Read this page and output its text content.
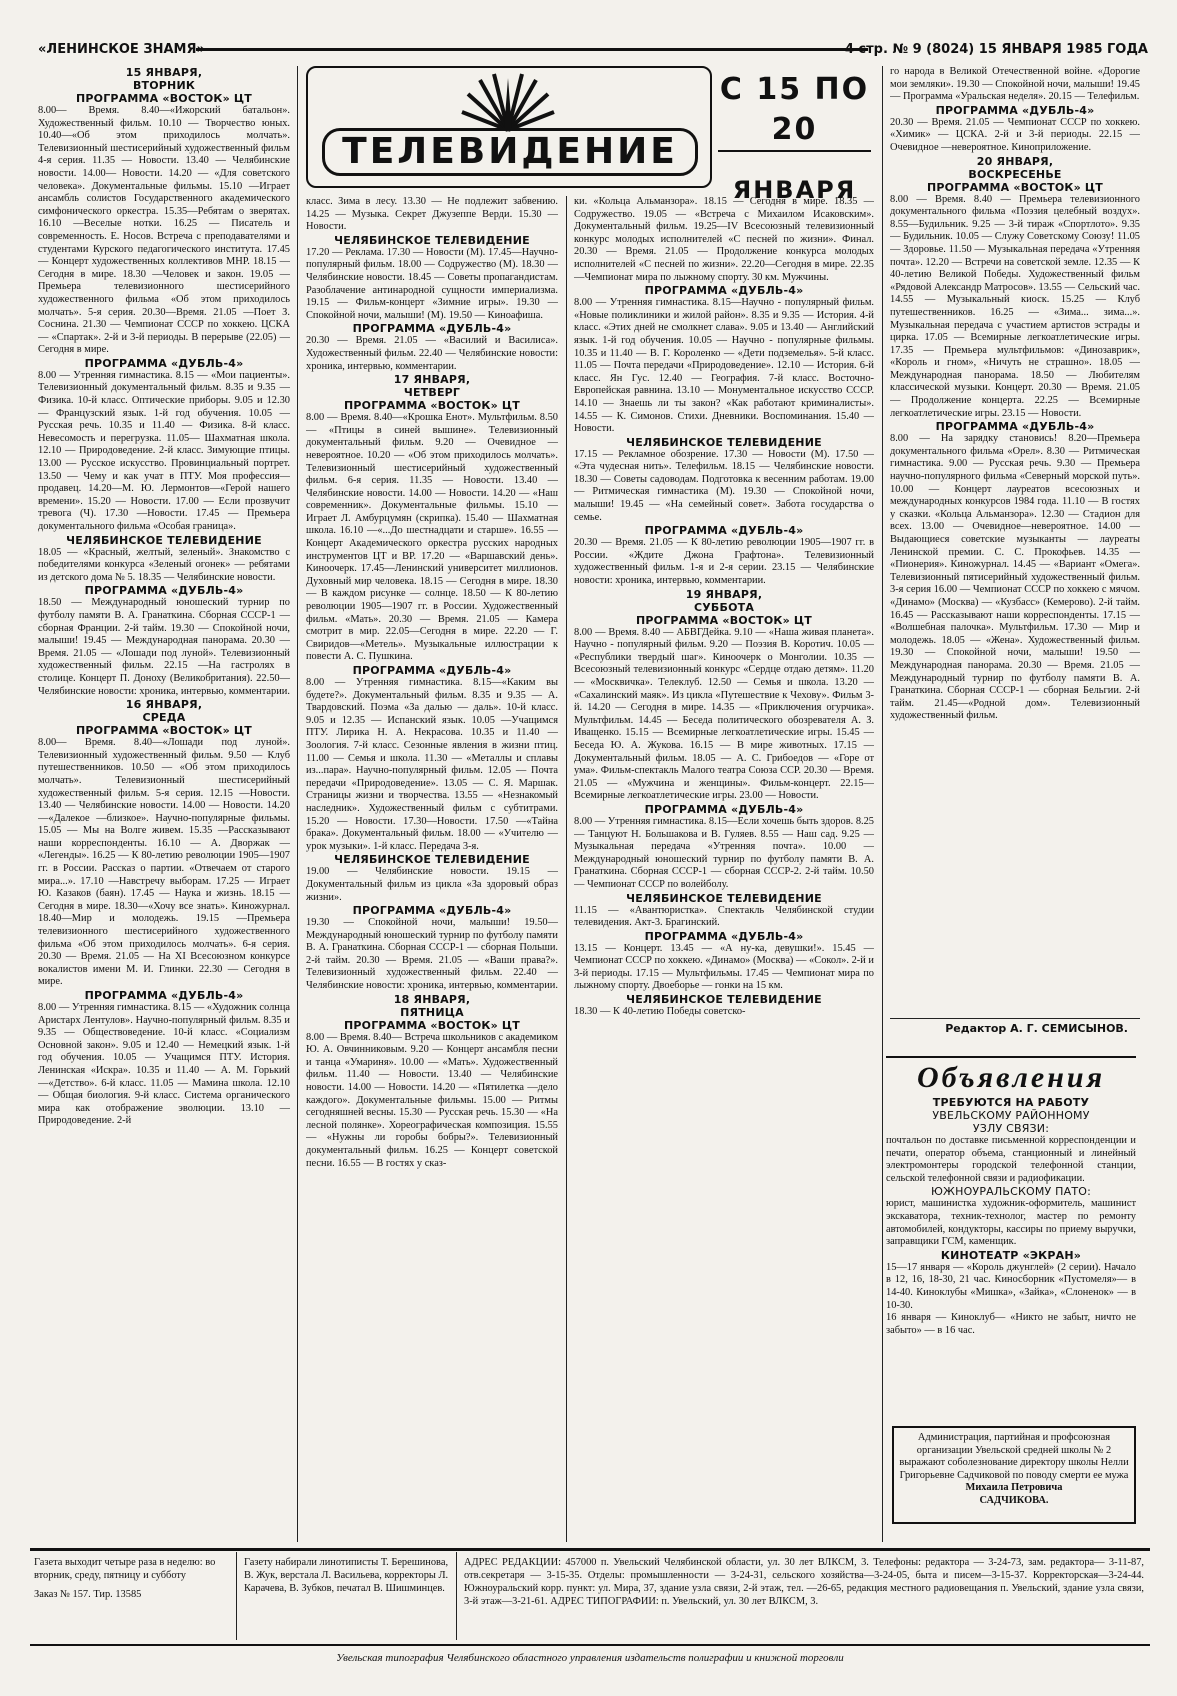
«ЛЕНИНСКОЕ ЗНАМЯ»	4 стр. № 9 (8024) 15 ЯНВАРЯ 1985 ГОДА
ТЕЛЕВИДЕНИЕ
С 15 ПО 20
ЯНВАРЯ

15 ЯНВАРЯ,

ВТОРНИК

ПРОГРАММА «ВОСТОК» ЦТ

8.00— Время. 8.40—«Ижорский батальон». Художественный фильм. 10.10 — Творчество юных. 10.40—«Об этом приходилось молчать». Телевизионный шестисерийный художественный фильм 4-я серия. 11.35 — Новости. 13.40 — Челябинские новости. 14.00— Новости. 14.20 — «Для советского человека». Документальные фильмы. 15.10 —Играет ансамбль солистов Государственного академического симфонического оркестра. 15.35—Ребятам о зверятах. 16.10 —Веселые нотки. 16.25 — Писатель и современность. Е. Носов. Встреча с преподавателями и студентами Курского педагогического института. 17.45 — Концерт художественных коллективов МНР. 18.15 — Сегодня в мире. 18.30 —Человек и закон. 19.05 — Премьера телевизионного шестисерийного художественного фильма «Об этом приходилось молчать». 5-я серия. 20.30—Время. 21.05 —Поет З. Соснина. 21.30 — Чемпионат СССР по хоккею. ЦСКА — «Спартак». 2-й и 3-й периоды. В перерыве (22.05) — Сегодня в мире.

ПРОГРАММА «ДУБЛЬ-4»

8.00 — Утренняя гимнастика. 8.15 — «Мои пациенты». Телевизионный документальный фильм. 8.35 и 9.35 —Физика. 10-й класс. Оптические приборы. 9.05 и 12.30 — Французский язык. 1-й год обучения. 10.05 — Русская речь. 10.35 и 11.40 — Физика. 8-й класс. Невесомость и перегрузка. 11.05— Шахматная школа. 12.10 — Природоведение. 2-й класс. Зимующие птицы. 13.00 — Русское искусство. Провинциальный портрет. 13.50 — Чему и как учат в ПТУ. Моя профессия—продавец. 14.20—М. Ю. Лермонтов—«Герой нашего времени». 15.20 — Новости. 17.00 — Если прозвучит тревога (Ч). 17.30 —Новости. 17.45 — Премьера документального фильма «Особая граница».

ЧЕЛЯБИНСКОЕ ТЕЛЕВИДЕНИЕ

18.05 — «Красный, желтый, зеленый». Знакомство с победителями конкурса «Зеленый огонек» — ребятами из детского дома № 5. 18.35 — Челябинские новости.

ПРОГРАММА «ДУБЛЬ-4»

18.50 — Международный юношеский турнир по футболу памяти В. А. Гранаткина. Сборная СССР-1 — сборная Франции. 2-й тайм. 19.30 — Спокойной ночи, малыши! 19.45 — Международная панорама. 20.30 — Время. 21.05 — «Лошади под луной». Телевизионный художественный фильм. 22.15 —На гастролях в столице. Концерт П. Доноху (Великобритания). 22.50— Челябинские новости: хроника, интервью, комментарии.

16 ЯНВАРЯ,

СРЕДА

ПРОГРАММА «ВОСТОК» ЦТ

8.00— Время. 8.40—«Лошади под луной». Телевизионный художественный фильм. 9.50 — Клуб путешественников. 10.50 — «Об этом приходилось молчать». Телевизионный шестисерийный художественный фильм. 5-я серия. 12.15 —Новости. 13.40 — Челябинские новости. 14.00 — Новости. 14.20—«Далекое —близкое». Научно-популярные фильмы. 15.05 — Мы на Волге живем. 15.35 —Рассказывают наши корреспонденты. 16.10 — А. Дворжак — «Легенды». 16.25 — К 80-летию революции 1905—1907 гг. в России. Рассказ о партии. «Отвечаем от старого мира...». 17.10 —Навстречу выборам. 17.25 — Играет Ю. Казаков (баян). 17.45 — Наука и жизнь. 18.15 — Сегодня в мире. 18.30—«Хочу все знать». Киножурнал. 18.40—Мир и молодежь. 19.15 —Премьера телевизионного шестисерийного художественного фильма «Об этом приходилось молчать». 6-я серия. 20.30 — Время. 21.05 — На XI Всесоюзном конкурсе вокалистов имени М. И. Глинки. 22.30 — Сегодня в мире.

ПРОГРАММА «ДУБЛЬ-4»

8.00 — Утренняя гимнастика. 8.15 — «Художник солнца Аристарх Лентулов». Научно-популярный фильм. 8.35 и 9.35 — Обществоведение. 10-й класс. «Социализм Основной закон». 9.05 и 12.40 — Немецкий язык. 1-й год обучения. 10.05 — Учащимся ПТУ. История. Ленинская «Искра». 10.35 и 11.40 — А. М. Горький —«Детство». 6-й класс. 11.05 — Мамина школа. 12.10 — Общая биология. 9-й класс. Система органического мира как отображение эволюции. 13.10 — Природоведение. 2-й

класс. Зима в лесу. 13.30 — Не подлежит забвению. 14.25 — Музыка. Секрет Джузеппе Верди. 15.30 — Новости.

ЧЕЛЯБИНСКОЕ ТЕЛЕВИДЕНИЕ

17.20 — Реклама. 17.30 — Новости (М). 17.45—Научно-популярный фильм. 18.00 — Содружество (М). 18.30 — Челябинские новости. 18.45 — Советы пропагандистам. Разоблачение антинародной сущности империализма. 19.15 — Фильм-концерт «Зимние игры». 19.30 — Спокойной ночи, малыши! (М). 19.50 — Киноафиша.

ПРОГРАММА «ДУБЛЬ-4»

20.30 — Время. 21.05 — «Василий и Василиса». Художественный фильм. 22.40 — Челябинские новости: хроника, интервью, комментарии.

17 ЯНВАРЯ,

ЧЕТВЕРГ

ПРОГРАММА «ВОСТОК» ЦТ

8.00 — Время. 8.40—«Крошка Енот». Мультфильм. 8.50 — «Птицы в синей вышине». Телевизионный документальный фильм. 9.20 — Очевидное — невероятное. 10.20 — «Об этом приходилось молчать». Телевизионный шестисерийный художественный фильм. 6-я серия. 11.35 — Новости. 13.40 — Челябинские новости. 14.00 — Новости. 14.20 — «Наш современник». Документальные фильмы. 15.10 — Играет Л. Амбурцумян (скрипка). 15.40 — Шахматная школа. 16.10 —«...До шестнадцати и старше». 16.55 — Концерт Академического оркестра русских народных инструментов ЦТ и ВР. 17.20 — «Варшавский день». Киноочерк. 17.45—Ленинский университет миллионов. Духовный мир человека. 18.15 — Сегодня в мире. 18.30 — В каждом рисунке — солнце. 18.50 — К 80-летию революции 1905—1907 гг. в России. Художественный фильм. «Мать». 20.30 — Время. 21.05 — Камера смотрит в мир. 22.05—Сегодня в мире. 22.20 — Г. Свиридов—«Метель». Музыкальные иллюстрации к повести А. С. Пушкина.

ПРОГРАММА «ДУБЛЬ-4»

8.00 — Утренняя гимнастика. 8.15—«Каким вы будете?». Документальный фильм. 8.35 и 9.35 — А. Твардовский. Поэма «За далью — даль». 10-й класс. 9.05 и 12.35 — Испанский язык. 10.05 —Учащимся ПТУ. Лирика Н. А. Некрасова. 10.35 и 11.40 — Зоология. 7-й класс. Сезонные явления в жизни птиц. 11.00 — Семья и школа. 11.30 — «Металлы и сплавы из...пара». Научно-популярный фильм. 12.05 — Почта передачи «Природоведение». 13.05 — С. Я. Маршак. Страницы жизни и творчества. 13.55 — «Незнакомый наследник». Художественный фильм с субтитрами. 15.20 — Новости. 17.30—Новости. 17.50 —«Тайна брака». Документальный фильм. 18.00 — «Учителю — урок музыки». 1-й класс. Передача 3-я.

ЧЕЛЯБИНСКОЕ ТЕЛЕВИДЕНИЕ

19.00 — Челябинские новости. 19.15 — Документальный фильм из цикла «За здоровый образ жизни».

ПРОГРАММА «ДУБЛЬ-4»

19.30 — Спокойной ночи, малыши! 19.50— Международный юношеский турнир по футболу памяти В. А. Гранаткина. Сборная СССР-1 — сборная Польши. 2-й тайм. 20.30 — Время. 21.05 — «Ваши права?». Телевизионный художественный фильм. 22.40 — Челябинские новости: хроника, интервью, комментарии.

18 ЯНВАРЯ,

ПЯТНИЦА

ПРОГРАММА «ВОСТОК» ЦТ

8.00 — Время. 8.40— Встреча школьников с академиком Ю. А. Овчинниковым. 9.20 — Концерт ансамбля песни и танца «Умариня». 10.00 — «Мать». Художественный фильм. 11.40 — Новости. 13.40 — Челябинские новости. 14.00 — Новости. 14.20 — «Пятилетка —дело каждого». Документальные фильмы. 15.00 — Ритмы сегодняшней весны. 15.30 — Русская речь. 15.30 — «На лесной полянке». Хореографическая композиция. 15.55 — «Нужны ли горобы бобры?». Телевизионный документальный фильм. 16.25 — Концерт советской песни. 16.55 — В гостях у сказ-

ки. «Кольца Альманзора». 18.15 — Сегодня в мире. 18.35 — Содружество. 19.05 — «Встреча с Михаилом Исаковским». Документальный фильм. 19.25—IV Всесоюзный телевизионный конкурс молодых исполнителей «С песней по жизни». Финал. 20.30 — Время. 21.05 — Продолжение конкурса молодых исполнителей «С песней по жизни». 22.20—Сегодня в мире. 22.35—Чемпионат мира по лыжному спорту. 30 км. Мужчины.

ПРОГРАММА «ДУБЛЬ-4»

8.00 — Утренняя гимнастика. 8.15—Научно - популярный фильм. «Новые поликлиники и жилой район». 8.35 и 9.35 — История. 4-й класс. «Этих дней не смолкнет слава». 9.05 и 13.40 — Английский язык. 1-й год обучения. 10.05 — Научно - популярные фильмы. 10.35 и 11.40 — В. Г. Короленко — «Дети подземелья». 5-й класс. 11.05 — Почта передачи «Природоведение». 12.10 — История. 6-й класс. Ян Гус. 12.40 — География. 7-й класс. Восточно-Европейская равнина. 13.10 — Монументальное искусство СССР. 14.10 — Знаешь ли ты закон? «Как работают криминалисты». 14.55 — К. Симонов. Стихи. Дневники. Воспоминания. 15.40 — Новости.

ЧЕЛЯБИНСКОЕ ТЕЛЕВИДЕНИЕ

17.15 — Рекламное обозрение. 17.30 — Новости (М). 17.50 — «Эта чудесная нить». Телефильм. 18.15 — Челябинские новости. 18.30 — Советы садоводам. Подготовка к весенним работам. 19.00 — Ритмическая гимнастика (М). 19.30 — Спокойной ночи, малыши! 19.45 — «На семейный совет». Забота государства о семье.

ПРОГРАММА «ДУБЛЬ-4»

20.30 — Время. 21.05 — К 80-летию революции 1905—1907 гг. в России. «Ждите Джона Графтона». Телевизионный художественный фильм. 1-я и 2-я серии. 23.15 — Челябинские новости: хроника, интервью, комментарии.

19 ЯНВАРЯ,

СУББОТА

ПРОГРАММА «ВОСТОК» ЦТ

8.00 — Время. 8.40 — АБВГДейка. 9.10 — «Наша живая планета». Научно - популярный фильм. 9.20 — Поэзия В. Коротич. 10.05 — «Республики твердый шаг». Киноочерк о Монголии. 10.35 — Всесоюзный телевизионный конкурс «Сердце отдаю детям». 11.20 — «Москвичка». Телеклуб. 12.50 — Семья и школа. 13.20 — «Сахалинский маяк». Из цикла «Путешествие к Чехову». Фильм 3-й. 14.20 — Сегодня в мире. 14.35 — «Приключения огурчика». Мультфильм. 14.45 — Беседа политического обозревателя А. З. Иващенко. 15.15 — Всемирные легкоатлетические игры. 15.45 — Беседа Ю. А. Жукова. 16.15 — В мире животных. 17.15 — Документальный фильм. 18.05 — А. С. Грибоедов — «Горе от ума». Фильм-спектакль Малого театра Союза ССР. 20.30 — Время. 21.05 — «Мужчина и женщины». Фильм-концерт. 22.15—Всемирные легкоатлетические игры. 23.00 — Новости.

ПРОГРАММА «ДУБЛЬ-4»

8.00 — Утренняя гимнастика. 8.15—Если хочешь быть здоров. 8.25 — Танцуют Н. Большакова и В. Гуляев. 8.55 — Наш сад. 9.25 — Музыкальная передача «Утренняя почта». 10.00 — Международный юношеский турнир по футболу памяти В. А. Гранаткина. Сборная СССР-1 — сборная СССР-2. 2-й тайм. 10.50 — Чемпионат СССР по волейболу.

ЧЕЛЯБИНСКОЕ ТЕЛЕВИДЕНИЕ

11.15 — «Авантюристка». Спектакль Челябинской студии телевидения. Акт-3. Брагинский.

ПРОГРАММА «ДУБЛЬ-4»

13.15 — Концерт. 13.45 — «А ну-ка, девушки!». 15.45 — Чемпионат СССР по хоккею. «Динамо» (Москва) — «Сокол». 2-й и 3-й периоды. 17.15 — Мультфильмы. 17.45 — Чемпионат мира по лыжному спорту. Двоеборье — гонки на 15 км.

ЧЕЛЯБИНСКОЕ ТЕЛЕВИДЕНИЕ

18.30 — К 40-летию Победы советско-

го народа в Великой Отечественной войне. «Дорогие мои земляки». 19.30 — Спокойной ночи, малыши! 19.45 — Программа «Уральская неделя». 20.15 — Телефильм.

ПРОГРАММА «ДУБЛЬ-4»

20.30 — Время. 21.05 — Чемпионат СССР по хоккею. «Химик» — ЦСКА. 2-й и 3-й периоды. 22.15 — Очевидное —невероятное. Киноприложение.

20 ЯНВАРЯ,

ВОСКРЕСЕНЬЕ

ПРОГРАММА «ВОСТОК» ЦТ

8.00 — Время. 8.40 — Премьера телевизионного документального фильма «Поэзия целебный воздух». 8.55—Будильник. 9.25 — 3-й тираж «Спортлото». 9.35 — Будильник. 10.05 — Служу Советскому Союзу! 11.05 — Здоровье. 11.50 — Музыкальная передача «Утренняя почта». 12.20 — Встречи на советской земле. 12.35 — К 40-летию Великой Победы. Художественный фильм «Рядовой Александр Матросов». 13.55 — Сельский час. 14.55 — Музыкальный киоск. 15.25 — Клуб путешественников. 16.25 — «Зима... зима...». Музыкальная передача с участием артистов эстрады и цирка. 17.05 — Всемирные легкоатлетические игры. 17.35 — Премьера мультфильмов: «Динозаврик», «Король и гном», «Ничуть не страшно». 18.05 — Международная панорама. 18.50 — Любителям классической музыки. Концерт. 20.30 — Время. 21.05 — Продолжение концерта. 22.25 — Всемирные легкоатлетические игры. 23.15 — Новости.

ПРОГРАММА «ДУБЛЬ-4»

8.00 — На зарядку становись! 8.20—Премьера документального фильма «Орел». 8.30 — Ритмическая гимнастика. 9.00 — Русская речь. 9.30 — Премьера научно-популярного фильма «Северный морской путь». 10.00 — Концерт лауреатов всесоюзных и международных конкурсов 1984 года. 11.10 — В гостях у сказки. «Кольца Альманзора». 12.30 — Стадион для всех. 13.00 — Очевидное—невероятное. 14.00 — Выдающиеся советские музыканты — лауреаты Ленинской премии. С. С. Прокофьев. 14.35 — «Пионерия». Киножурнал. 14.45 — «Вариант «Омега». Телевизионный пятисерийный художественный фильм. 3-я серия 16.00 — Чемпионат СССР по хоккею с мячом. «Динамо» (Москва) — «Кузбасс» (Кемерово). 2-й тайм. 16.45 — Рассказывают наши корреспонденты. 17.15 — «Волшебная палочка». Мультфильм. 17.30 — Мир и молодежь. 18.05 — «Жена». Художественный фильм. 19.30 — Спокойной ночи, малыши! 19.50 — Международная панорама. 20.30 — Время. 21.05 — Международный турнир по футболу памяти В. А. Гранаткина. Сборная СССР-1 — сборная Бельгии. 2-й тайм. 21.45—«Родной дом». Телевизионный художественный фильм.

Редактор А. Г. СЕМИСЫНОВ.
Объявления
ТРЕБУЮТСЯ НА РАБОТУ
УВЕЛЬСКОМУ РАЙОННОМУ
УЗЛУ СВЯЗИ:

почтальон по доставке письменной корреспонденции и печати, оператор объема, станционный и линейный электромонтеры городской телефонной станции, сельской телефонной связи и радиофикации.

ЮЖНОУРАЛЬСКОМУ ПАТО:

юрист, машинистка художник-оформитель, машинист экскаватора, техник-технолог, мастер по ремонту автомобилей, кондукторы, кассиры по приему выручки, заправщики ГСМ, каменщик.

КИНОТЕАТР «ЭКРАН»

15—17 января — «Король джунглей» (2 серии). Начало в 12, 16, 18-30, 21 час. Киносборник «Пустомеля»— в 14-40. Киноклубы «Мишка», «Зайка», «Слоненок» — в 10-30.

16 января — Киноклуб— «Никто не забыт, ничто не забыто» — в 16 час.

Администрация, партийная и профсоюзная организации Увельской средней школы № 2 выражают соболезнование директору школы Нелли Григорьевне Садчиковой по поводу смерти ее мужа
Михаила Петровича
САДЧИКОВА.
Газета выходит четыре раза в неделю: во вторник, среду, пятницу и субботу
Заказ № 157. Тир. 13585
Газету набирали линотиписты Т. Берешинова, В. Жук, верстала Л. Васильева, корректоры Л. Карачева, В. Зубков, печатал В. Шишминцев.
АДРЕС РЕДАКЦИИ: 457000 п. Увельский Челябинской области, ул. 30 лет ВЛКСМ, 3. Телефоны: редактора — 3-24-73, зам. редактора— 3-11-87, отв.секретаря — 3-15-35. Отделы: промышленности — 3-24-31, сельского хозяйства—3-24-05, быта и писем—3-15-37. Корректорская—3-24-44. Южноуральский корр. пункт: ул. Мира, 37, здание узла связи, 2-й этаж, тел. —26-65, редакция местного радиовещания п. Увельский, здание узла связи, 3-й этаж—3-21-61. АДРЕС ТИПОГРАФИИ: п. Увельский, ул. 30 лет ВЛКСМ, 3.
Увельская типография Челябинского областного управления издательств полиграфии и книжной торговли
